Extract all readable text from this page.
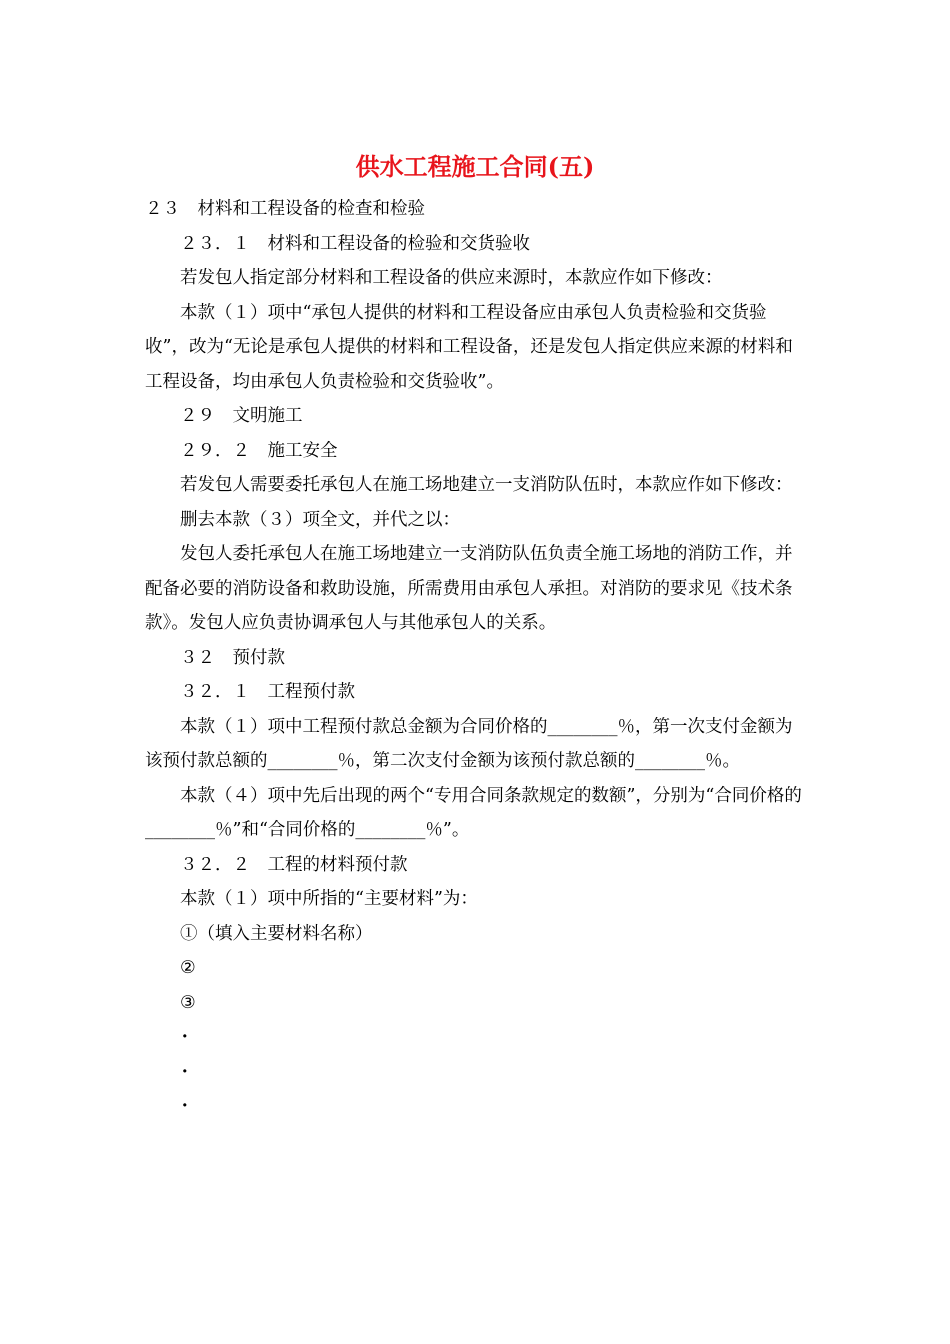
供水工程施工合同(五)

２３　材料和工程设备的检查和检验

２３．１　材料和工程设备的检验和交货验收

若发包人指定部分材料和工程设备的供应来源时，本款应作如下修改：

本款（１）项中“承包人提供的材料和工程设备应由承包人负责检验和交货验收”，改为“无论是承包人提供的材料和工程设备，还是发包人指定供应来源的材料和工程设备，均由承包人负责检验和交货验收”。

２９　文明施工

２９．２　施工安全

若发包人需要委托承包人在施工场地建立一支消防队伍时，本款应作如下修改：

删去本款（３）项全文，并代之以：

发包人委托承包人在施工场地建立一支消防队伍负责全施工场地的消防工作，并配备必要的消防设备和救助设施，所需费用由承包人承担。对消防的要求见《技术条款》。发包人应负责协调承包人与其他承包人的关系。

３２　预付款

３２．１　工程预付款

本款（１）项中工程预付款总金额为合同价格的________％，第一次支付金额为该预付款总额的________％，第二次支付金额为该预付款总额的________％。

本款（４）项中先后出现的两个“专用合同条款规定的数额”，分别为“合同价格的________％”和“合同价格的________％”。

３２．２　工程的材料预付款

本款（１）项中所指的“主要材料”为：

①（填入主要材料名称）

②

③

·

·

·
